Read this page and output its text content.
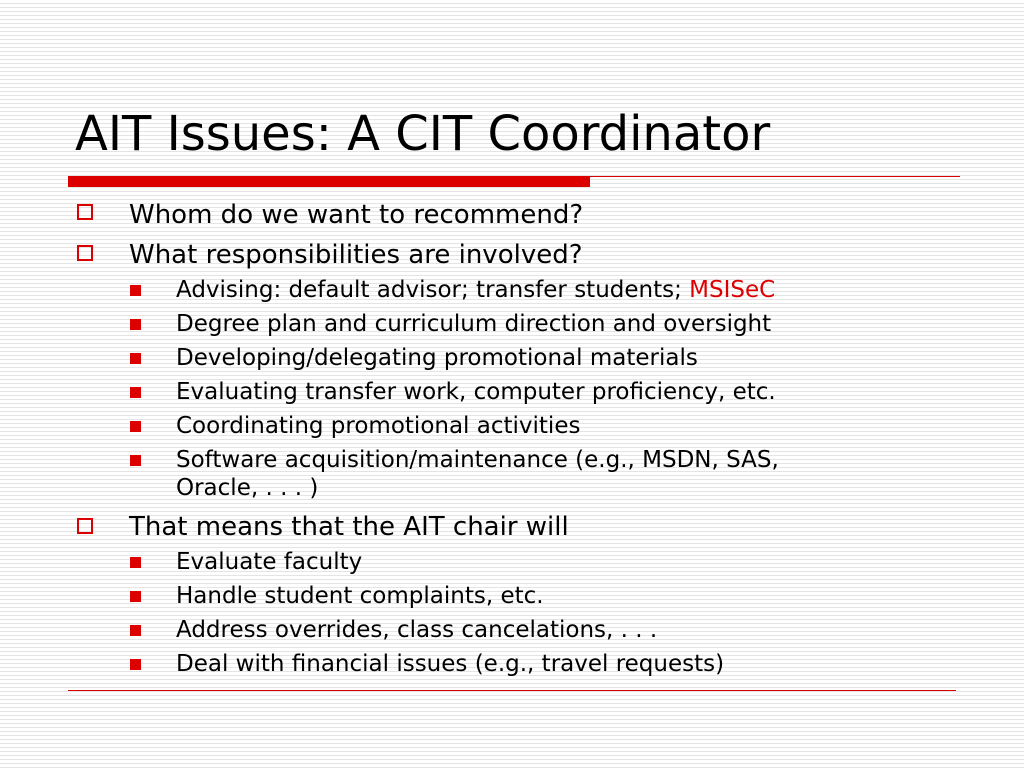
AIT Issues: A CIT Coordinator
Whom do we want to recommend?
What responsibilities are involved?
Advising: default advisor; transfer students; MSISeC
Degree plan and curriculum direction and oversight
Developing/delegating promotional materials
Evaluating transfer work, computer proficiency, etc.
Coordinating promotional activities
Software acquisition/maintenance (e.g., MSDN, SAS,
Oracle, . . . )
That means that the AIT chair will
Evaluate faculty
Handle student complaints, etc.
Address overrides, class cancelations, . . .
Deal with financial issues (e.g., travel requests)
